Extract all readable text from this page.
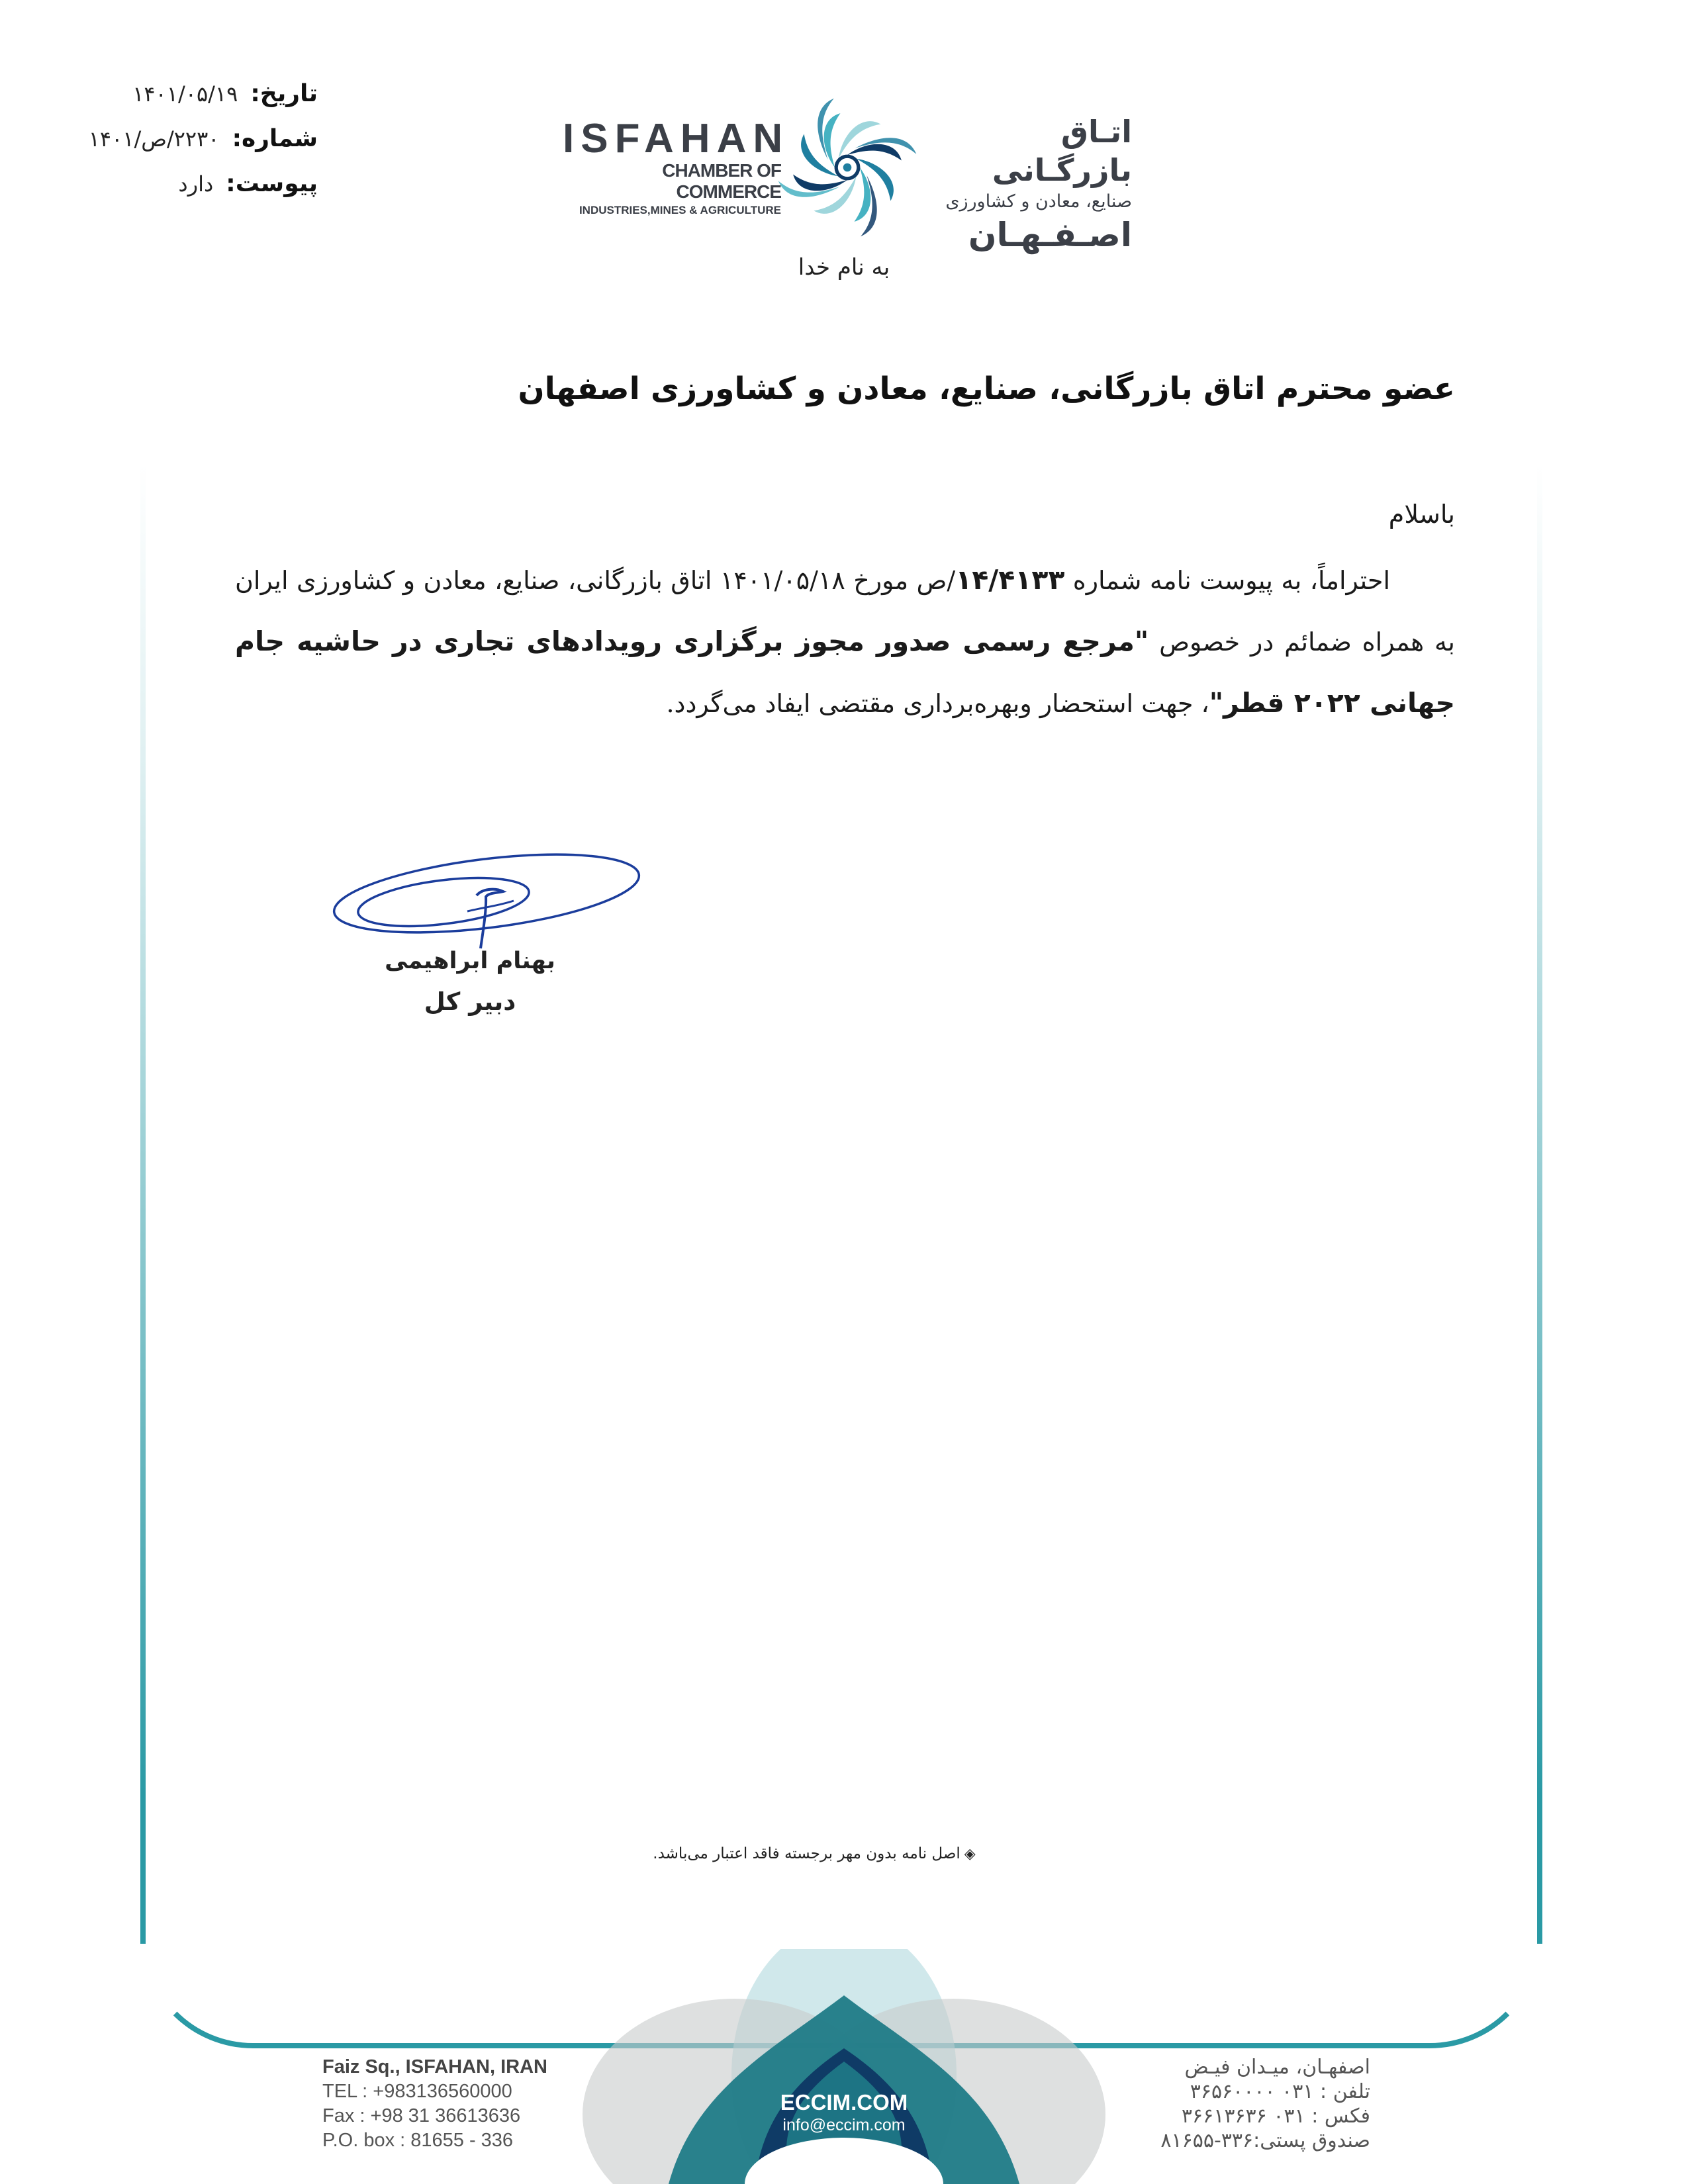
تاریخ: ۱۴۰۱/۰۵/۱۹
شماره: ۲۲۳۰/ص/۱۴۰۱
پیوست: دارد
ISFAHAN
CHAMBER OF COMMERCE
INDUSTRIES,MINES & AGRICULTURE
اتـاق بازرگـانی
صنایع، معادن و کشاورزی
اصـفـهـان
به نام خدا
عضو محترم اتاق بازرگانی، صنایع، معادن و کشاورزی اصفهان
باسلام
احتراماً، به پیوست نامه شماره ۱۴/۴۱۳۳/ص مورخ ۱۴۰۱/۰۵/۱۸ اتاق بازرگانی، صنایع، معادن و کشاورزی ایران به همراه ضمائم در خصوص "مرجع رسمی صدور مجوز برگزاری رویدادهای تجاری در حاشیه جام جهانی ۲۰۲۲ قطر"، جهت استحضار وبهره‌برداری مقتضی ایفاد می‌گردد.
بهنام ابراهیمی
دبیر کل
◈اصل نامه بدون مهر برجسته فاقد اعتبار می‌باشد.
ECCIM.COM
info@eccim.com
Faiz Sq., ISFAHAN, IRAN
TEL : +983136560000
Fax : +98 31 36613636
P.O. box : 81655 - 336
اصفهـان، میـدان فیـض
تلفن : ۰۳۱ ۳۶۵۶۰۰۰۰
فکس : ۰۳۱ ۳۶۶۱۳۶۳۶
صندوق پستی:۳۳۶-۸۱۶۵۵
